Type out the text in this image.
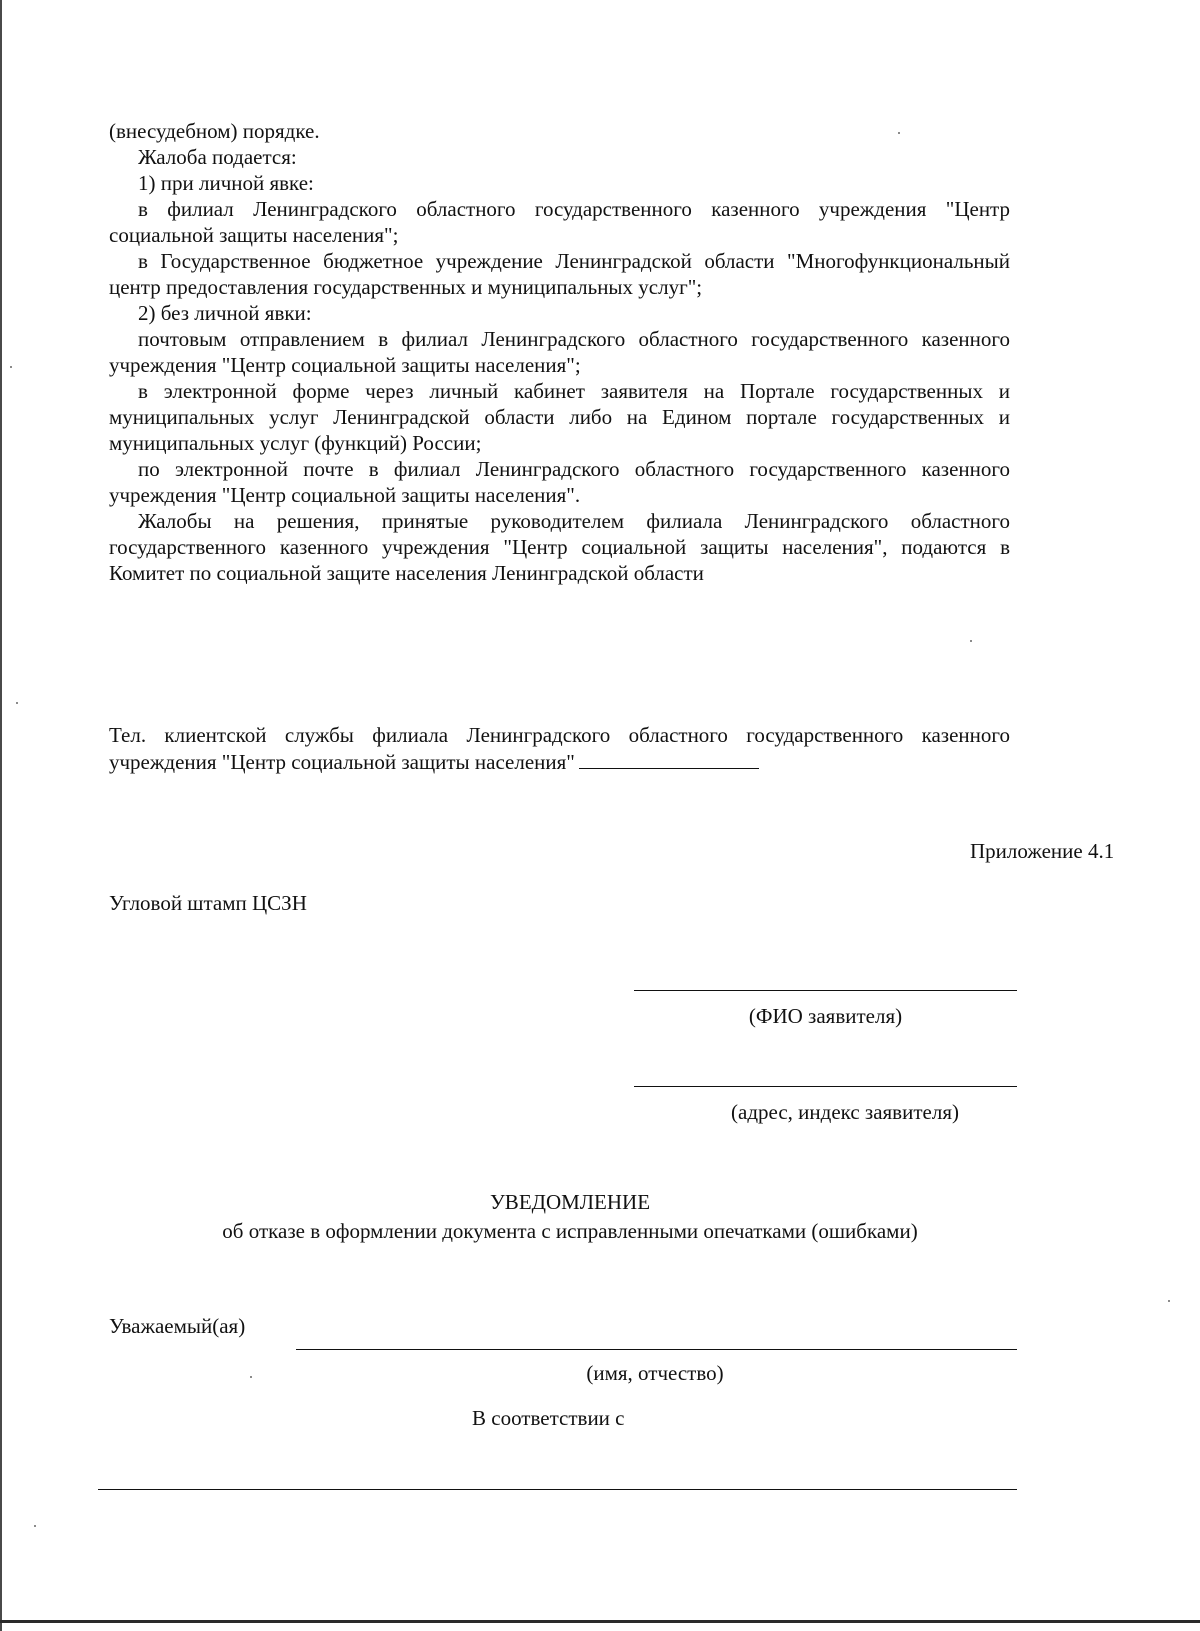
(внесудебном) порядке.

Жалоба подается:

1) при личной явке:

в филиал Ленинградского областного государственного казенного учреждения "Центр социальной защиты населения";

в Государственное бюджетное учреждение Ленинградской области "Многофункциональный центр предоставления государственных и муниципальных услуг";

2) без личной явки:

почтовым отправлением в филиал Ленинградского областного государственного казенного учреждения "Центр социальной защиты населения";

в электронной форме через личный кабинет заявителя на Портале государственных и муниципальных услуг Ленинградской области либо на Едином портале государственных и муниципальных услуг (функций) России;

по электронной почте в филиал Ленинградского областного государственного казенного учреждения "Центр социальной защиты населения".

Жалобы на решения, принятые руководителем филиала Ленинградского областного государственного казенного учреждения "Центр социальной защиты населения", подаются в Комитет по социальной защите населения Ленинградской области

Тел. клиентской службы филиала Ленинградского областного государственного казенного учреждения "Центр социальной защиты населения"

Приложение 4.1
Угловой штамп ЦСЗН
(ФИО заявителя)
(адрес, индекс заявителя)
УВЕДОМЛЕНИЕ
об отказе в оформлении документа с исправленными опечатками (ошибками)
Уважаемый(ая)
(имя, отчество)
В соответствии с
